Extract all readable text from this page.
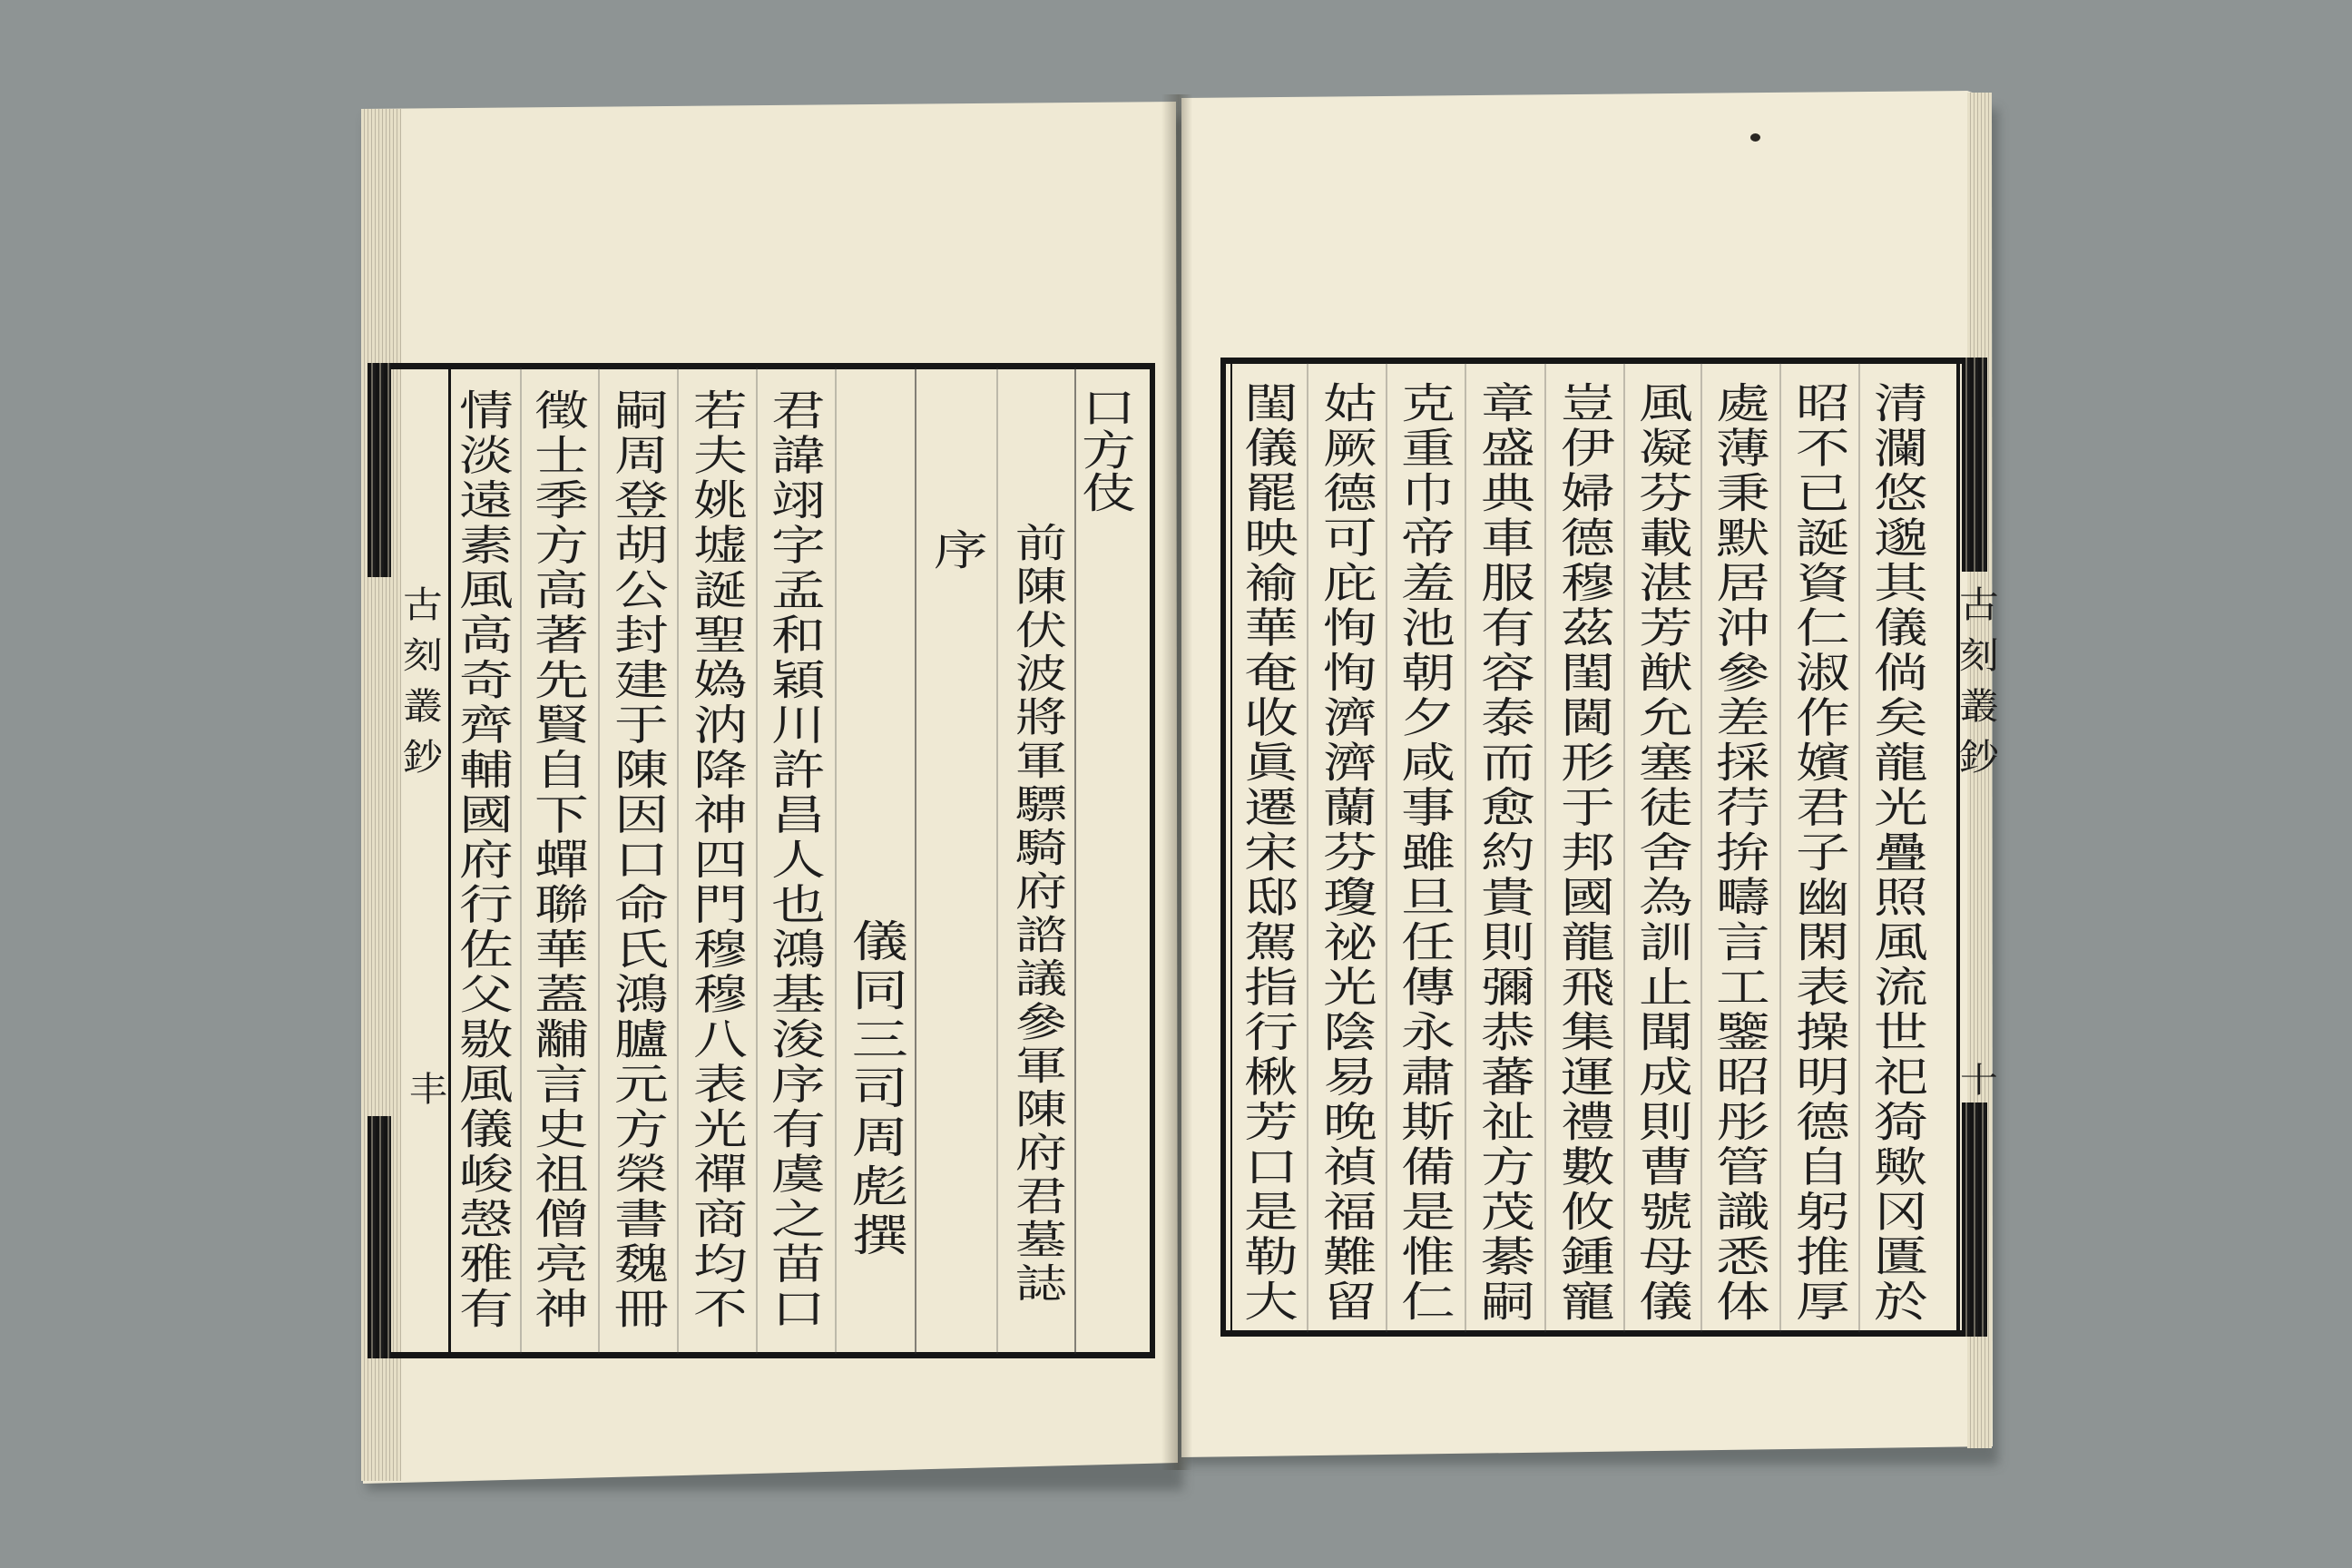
口方伎
前陳伏波將軍驃騎府諮議參軍陳府君墓誌
序
儀同三司周彪撰
君諱翊字孟和穎川許昌人也鴻基浚序有虞之苗口
若夫姚墟誕聖媯汭降神四門穆穆八表光禪商均不
嗣周登胡公封建于陳因口命氏鴻臚元方榮書魏冊
徵士季方高著先賢自下蟬聯華蓋黼言史祖僧亮神
情淡遠素風高奇齊輔國府行佐父敭風儀峻愨雅有
古刻叢鈔
丰	清瀾悠邈其儀倘矣龍光疊照風流世祀猗歟冈匱於
昭不已誕資仁淑作嬪君子幽閑表操明德自躬推厚
處薄秉默居沖參差採荇拚疇言工鑒昭彤管識悉体
風凝芬載湛芳猷允塞徒舍為訓止聞成則曹號母儀
豈伊婦德穆茲閨閫形于邦國龍飛集運禮數攸鍾寵
章盛典車服有容泰而愈約貴則彌恭蕃祉方茂綦嗣
克重巾帝羞池朝夕咸事雖旦任傳永肅斯備是惟仁
姑厥德可庇恂恂濟濟蘭芬瓊祕光陰易晚禎福難留
閨儀罷映褕華奄收眞遷宋邸駕指行楸芳口是勒大	古刻叢鈔
十
